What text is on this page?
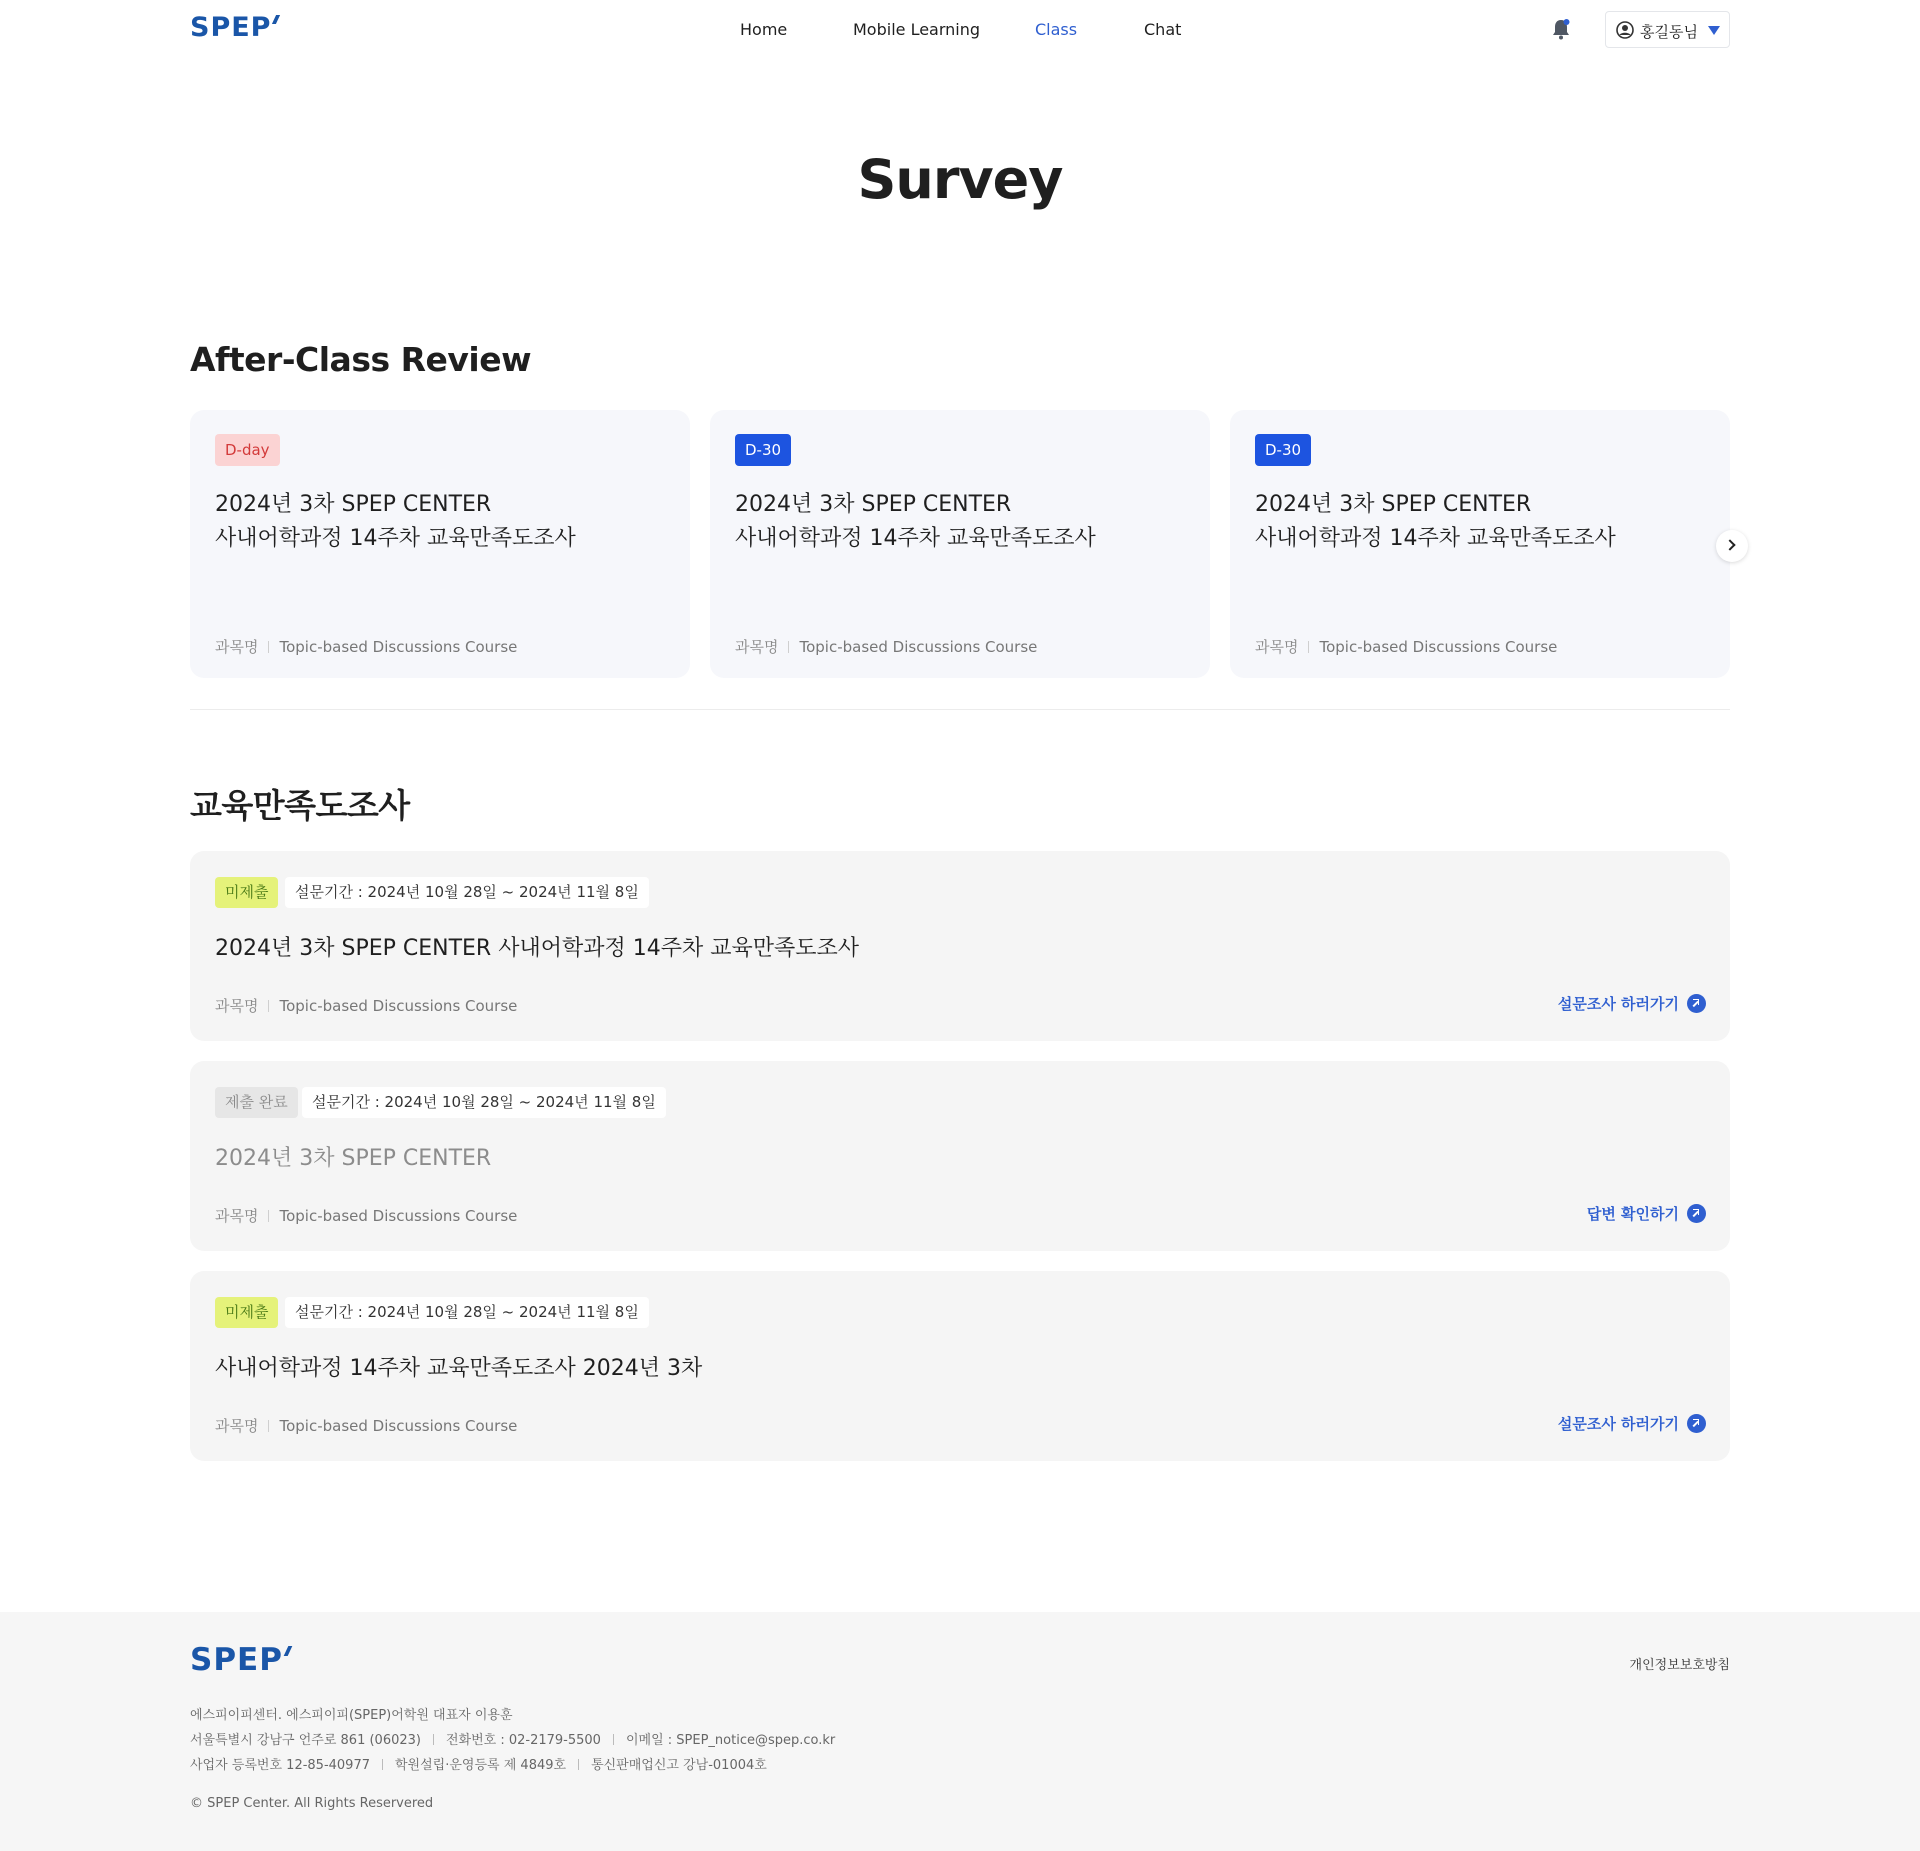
SPEP	Home	Mobile Learning	Class	Chat	홍길동님
Survey
After-Class Review
D-day
2024년 3차 SPEP CENTER
사내어학과정 14주차 교육만족도조사
과목명 Topic-based Discussions Course
D-30
2024년 3차 SPEP CENTER
사내어학과정 14주차 교육만족도조사
과목명 Topic-based Discussions Course
D-30
2024년 3차 SPEP CENTER
사내어학과정 14주차 교육만족도조사
과목명 Topic-based Discussions Course
교육만족도조사
미제출	설문기간 : 2024년 10월 28일 ~ 2024년 11월 8일
2024년 3차 SPEP CENTER 사내어학과정 14주차 교육만족도조사
과목명 Topic-based Discussions Course	설문조사 하러가기
제출 완료	설문기간 : 2024년 10월 28일 ~ 2024년 11월 8일
2024년 3차 SPEP CENTER
과목명 Topic-based Discussions Course	답변 확인하기
미제출	설문기간 : 2024년 10월 28일 ~ 2024년 11월 8일
사내어학과정 14주차 교육만족도조사 2024년 3차
과목명 Topic-based Discussions Course	설문조사 하러가기
SPEP	개인정보보호방침
에스피이피센터. 에스피이피(SPEP)어학원 대표자 이용훈
서울특별시 강남구 언주로 861 (06023) 전화번호 : 02-2179-5500 이메일 : SPEP_notice@spep.co.kr
사업자 등록번호 12-85-40977 학원설립·운영등록 제 4849호 통신판매업신고 강남-01004호
© SPEP Center. All Rights Reservered
